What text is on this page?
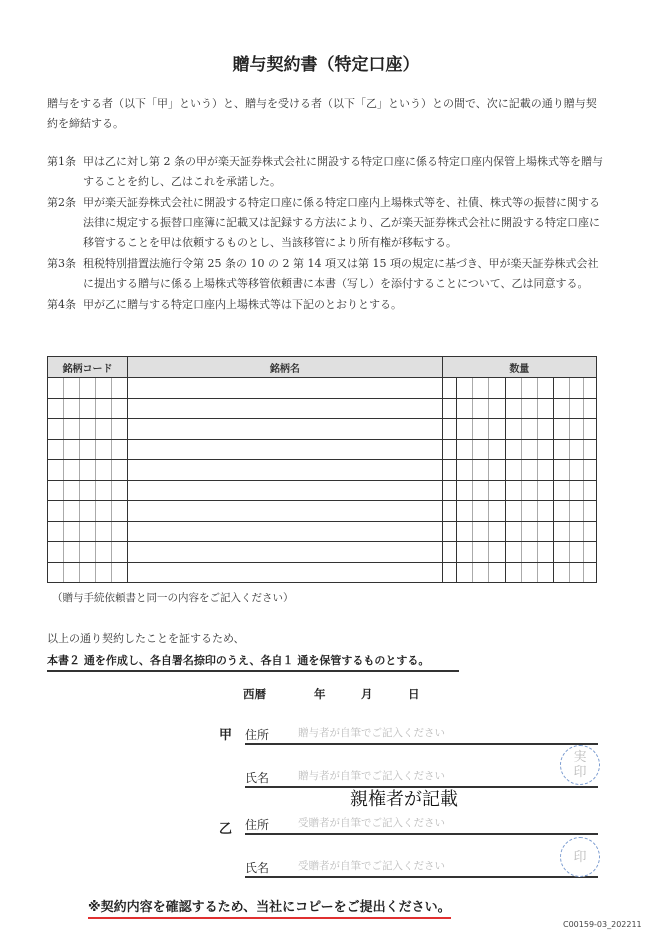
贈与契約書（特定口座）
贈与をする者（以下「甲」という）と、贈与を受ける者（以下「乙」という）との間で、次に記載の通り贈与契約を締結する。
第1条 甲は乙に対し第 2 条の甲が楽天証券株式会社に開設する特定口座に係る特定口座内保管上場株式等を贈与することを約し、乙はこれを承諾した。
第2条 甲が楽天証券株式会社に開設する特定口座に係る特定口座内上場株式等を、社債、株式等の振替に関する法律に規定する振替口座簿に記載又は記録する方法により、乙が楽天証券株式会社に開設する特定口座に移管することを甲は依頼するものとし、当該移管により所有権が移転する。
第3条 租税特別措置法施行令第 25 条の 10 の 2 第 14 項又は第 15 項の規定に基づき、甲が楽天証券株式会社に提出する贈与に係る上場株式等移管依頼書に本書（写し）を添付することについて、乙は同意する。
第4条 甲が乙に贈与する特定口座内上場株式等は下記のとおりとする。
銘柄コード					銘柄名	数量									

（贈与手続依頼書と同一の内容をご記入ください）
以上の通り契約したことを証するため、
本書２ 通を作成し、各自署名捺印のうえ、各自１ 通を保管するものとする。
西暦	年	月	日
甲 住所	贈与者が自筆でご記入ください
氏名	贈与者が自筆でご記入ください
実
印
乙 住所	受贈者が自筆でご記入ください
氏名	受贈者が自筆でご記入ください
印
親権者が記載
※契約内容を確認するため、当社にコピーをご提出ください。
C00159-03_202211
